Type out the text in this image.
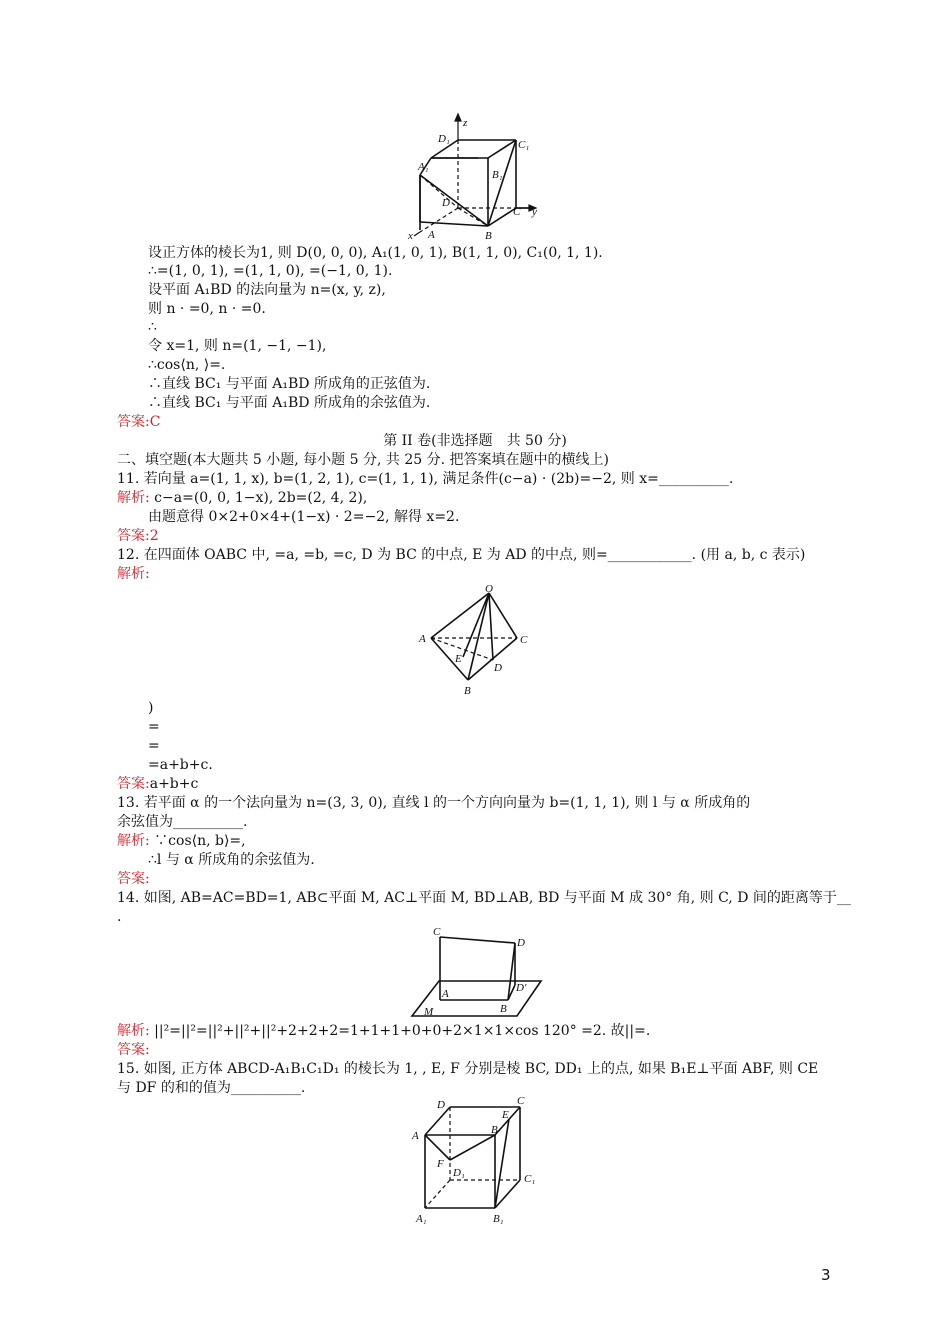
z
y
x
D₁	C₁
A₁
B₁
D
C
A	B
设正方体的棱长为1, 则 D(0, 0, 0), A₁(1, 0, 1), B(1, 1, 0), C₁(0, 1, 1).
∴=(1, 0, 1), =(1, 1, 0), =(−1, 0, 1).
设平面 A₁BD 的法向量为 n=(x, y, z),
则 n · =0, n · =0.
∴
令 x=1, 则 n=(1, −1, −1),
∴cos⟨n, ⟩=.
∴直线 BC₁ 与平面 A₁BD 所成角的正弦值为.
∴直线 BC₁ 与平面 A₁BD 所成角的余弦值为.
答案:C
第 II 卷(非选择题　共 50 分)
二、填空题(本大题共 5 小题, 每小题 5 分, 共 25 分. 把答案填在题中的横线上)
11. 若向量 a=(1, 1, x), b=(1, 2, 1), c=(1, 1, 1), 满足条件(c−a) · (2b)=−2, 则 x=__________.
解析: c−a=(0, 0, 1−x), 2b=(2, 4, 2),
由题意得 0×2+0×4+(1−x) · 2=−2, 解得 x=2.
答案:2
12. 在四面体 OABC 中, =a, =b, =c, D 为 BC 的中点, E 为 AD 的中点, 则=____________. (用 a, b, c 表示)
解析:
O
A	C
E
D
B
)
=
=
=a+b+c.
答案:a+b+c
13. 若平面 α 的一个法向量为 n=(3, 3, 0), 直线 l 的一个方向向量为 b=(1, 1, 1), 则 l 与 α 所成角的
余弦值为__________.
解析: ∵cos⟨n, b⟩=,
∴l 与 α 所成角的余弦值为.
答案:
14. 如图, AB=AC=BD=1, AB⊂平面 M, AC⊥平面 M, BD⊥AB, BD 与平面 M 成 30° 角, 则 C, D 间的距离等于__
.
C
D
A
B
D′
M
解析: ||²=||²=||²+||²+||²+2+2+2=1+1+1+0+0+2×1×1×cos 120° =2. 故||=.
答案:
15. 如图, 正方体 ABCD-A₁B₁C₁D₁ 的棱长为 1, , E, F 分别是棱 BC, DD₁ 上的点, 如果 B₁E⊥平面 ABF, 则 CE
与 DF 的和的值为__________.
D	C
E
A	B
F
D₁	C₁
A₁	B₁
3
